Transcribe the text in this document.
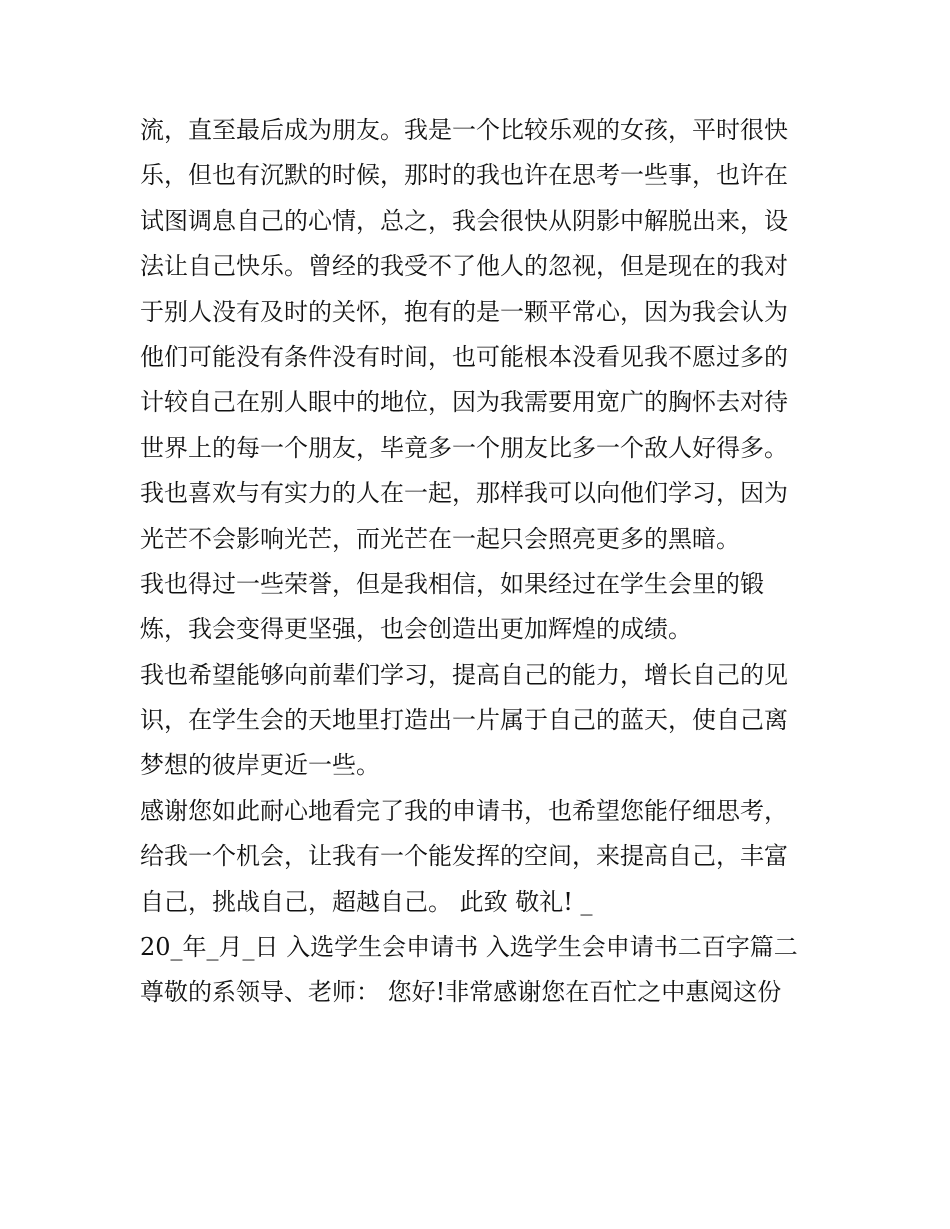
流，直至最后成为朋友。我是一个比较乐观的女孩，平时很快
乐，但也有沉默的时候，那时的我也许在思考一些事，也许在
试图调息自己的心情，总之，我会很快从阴影中解脱出来，设
法让自己快乐。曾经的我受不了他人的忽视，但是现在的我对
于别人没有及时的关怀，抱有的是一颗平常心，因为我会认为
他们可能没有条件没有时间，也可能根本没看见我不愿过多的
计较自己在别人眼中的地位，因为我需要用宽广的胸怀去对待
世界上的每一个朋友，毕竟多一个朋友比多一个敌人好得多。
我也喜欢与有实力的人在一起，那样我可以向他们学习，因为
光芒不会影响光芒，而光芒在一起只会照亮更多的黑暗。
我也得过一些荣誉，但是我相信，如果经过在学生会里的锻
炼，我会变得更坚强，也会创造出更加辉煌的成绩。
我也希望能够向前辈们学习，提高自己的能力，增长自己的见
识，在学生会的天地里打造出一片属于自己的蓝天，使自己离
梦想的彼岸更近一些。
感谢您如此耐心地看完了我的申请书，也希望您能仔细思考，
给我一个机会，让我有一个能发挥的空间，来提高自己，丰富
自己，挑战自己，超越自己。 此致 敬礼! _
20_年_月_日 入选学生会申请书 入选学生会申请书二百字篇二
尊敬的系领导、老师： 您好!非常感谢您在百忙之中惠阅这份
